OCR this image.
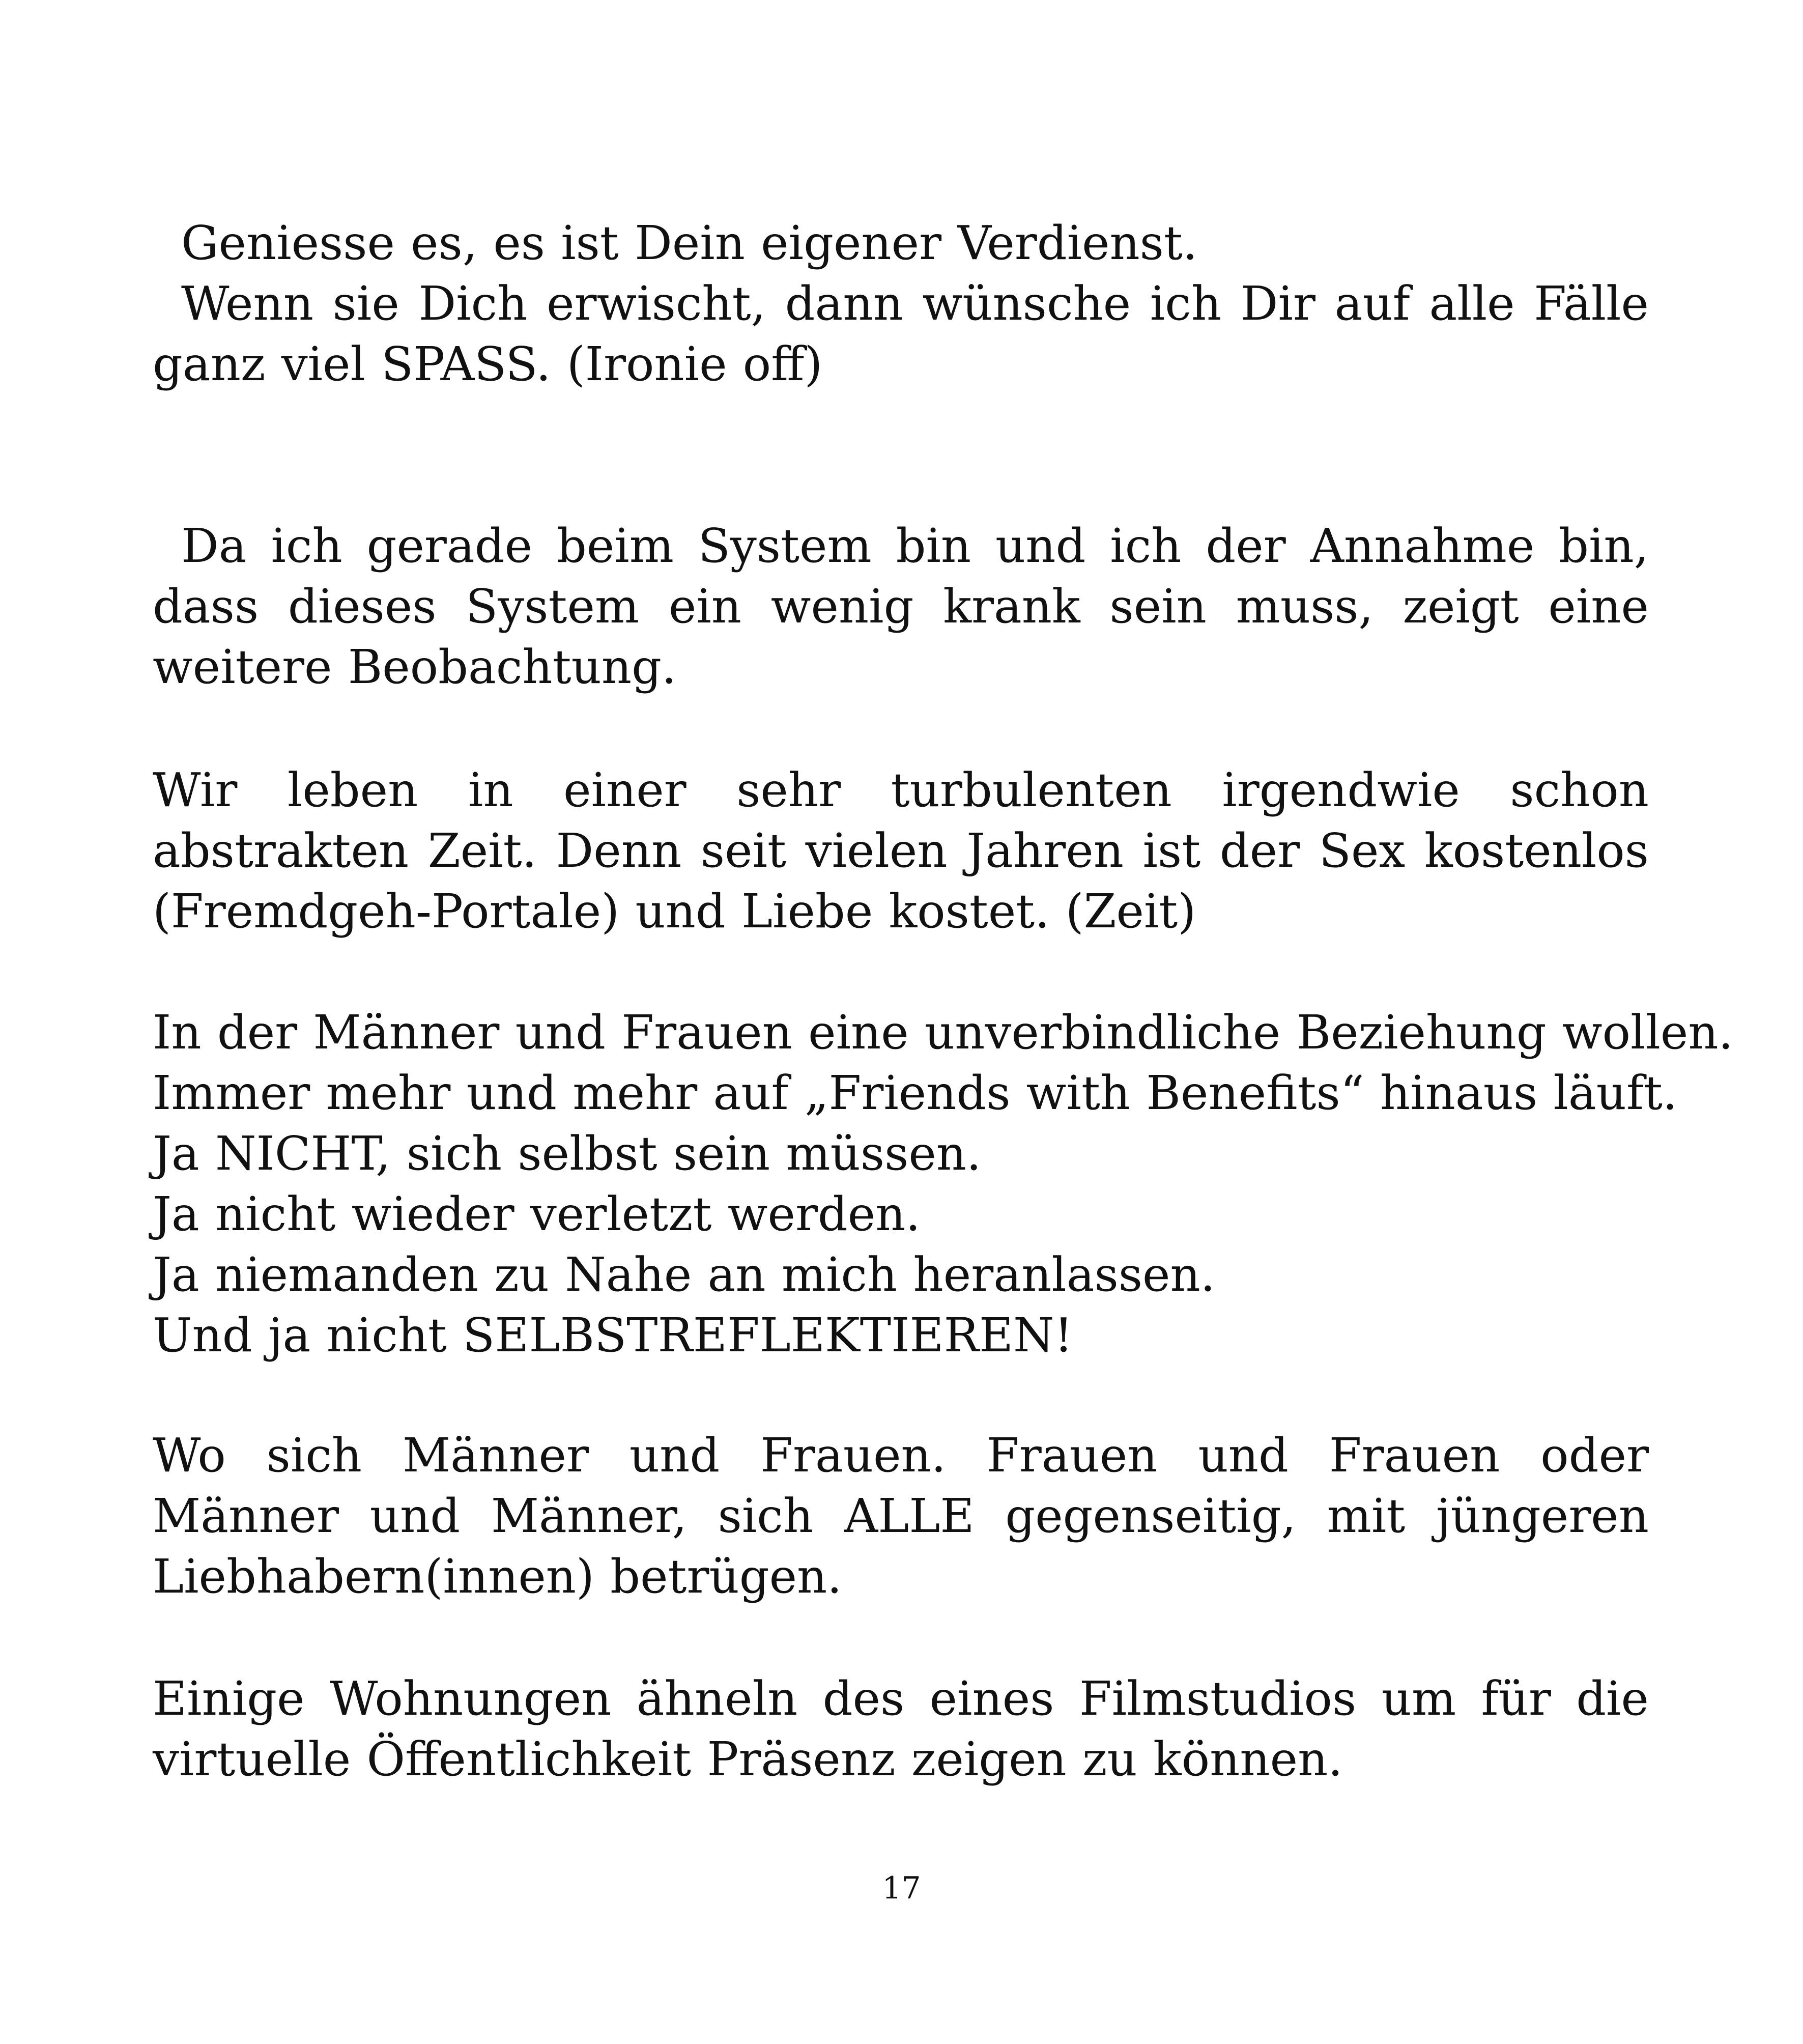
Geniesse es, es ist Dein eigener Verdienst.

Wenn sie Dich erwischt, dann wünsche ich Dir auf alle Fälle ganz viel SPASS. (Ironie off)

Da ich gerade beim System bin und ich der Annahme bin, dass dieses System ein wenig krank sein muss, zeigt eine weitere Beobachtung.

Wir leben in einer sehr turbulenten irgendwie schon abstrakten Zeit. Denn seit vielen Jahren ist der Sex kostenlos (Fremdgeh-Portale) und Liebe kostet. (Zeit)

In der Männer und Frauen eine unverbindliche Beziehung wollen.

Immer mehr und mehr auf „Friends with Benefits“ hinaus läuft.

Ja NICHT, sich selbst sein müssen.

Ja nicht wieder verletzt werden.

Ja niemanden zu Nahe an mich heranlassen.

Und ja nicht SELBSTREFLEKTIEREN!

Wo sich Männer und Frauen. Frauen und Frauen oder Männer und Männer, sich ALLE gegenseitig, mit jüngeren Liebhabern(innen) betrügen.

Einige Wohnungen ähneln des eines Filmstudios um für die virtuelle Öffentlichkeit Präsenz zeigen zu können.

17
